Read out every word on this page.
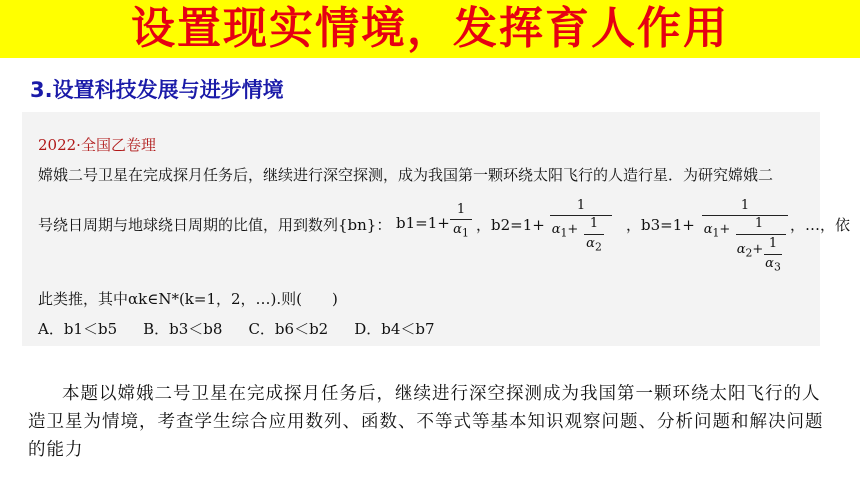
设置现实情境，发挥育人作用
3.设置科技发展与进步情境
2022·全国乙卷理
嫦娥二号卫星在完成探月任务后，继续进行深空探测，成为我国第一颗环绕太阳飞行的人造行星．为研究嫦娥二
号绕日周期与地球绕日周期的比值，用到数列{bn}： b1=1+
1
$\alpha_1$ ，b2=1+
1
$\alpha_1+ 1$
$\alpha_2$
，b3=1+
1
$\alpha_1+$	1
$\alpha_2+ 1$
$\alpha_3$
，…，依
此类推，其中αk∈N*(k=1，2，…).则(　　)
A．b1＜b5 B．b3＜b8 C．b6＜b2 D．b4＜b7
本题以嫦娥二号卫星在完成探月任务后，继续进行深空探测成为我国第一颗环绕太阳飞行的人造卫星为情境，考查学生综合应用数列、函数、不等式等基本知识观察问题、分析问题和解决问题的能力
